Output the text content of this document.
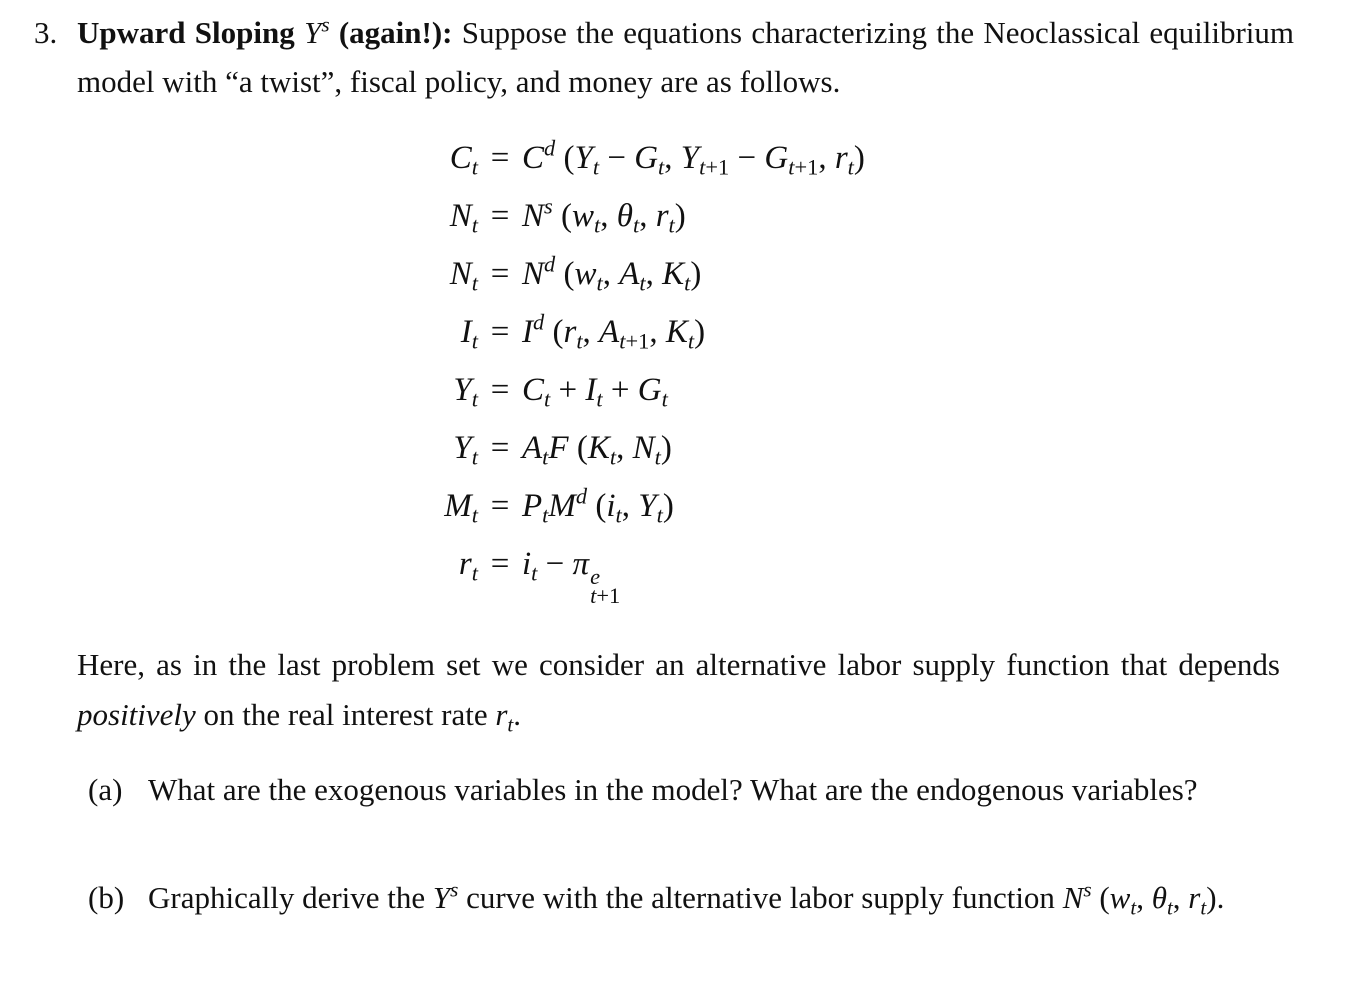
3. Upward Sloping $Y^s$ (again!): Suppose the equations characterizing the Neoclassical equilibrium model with “a twist”, fiscal policy, and money are as follows.
$C_t = C^d$ ($Y_t - G_t$, $Y_{t+1} - G_{t+1}$, $r_t$)
$N_t = N^s$ ($w_t$, $\theta_t$, $r_t$)
$N_t = N^d$ ($w_t$, $A_t$, $K_t$)
$I_t = I^d$ ($r_t$, $A_{t+1}$, $K_t$)
$Y_t = C_t + I_t + G_t$
$Y_t = A_tF$ ($K_t$, $N_t$)
$M_t = P_tM^d$ ($i_t$, $Y_t$)
$r_t = i_t - \pi$ e
t+1
Here, as in the last problem set we consider an alternative labor supply function that depends positively on the real interest rate $r_t$.
(a) What are the exogenous variables in the model? What are the endogenous variables?
(b) Graphically derive the $Y^s$ curve with the alternative labor supply function $N^s$ ($w_t$, $\theta_t$, $r_t$).
